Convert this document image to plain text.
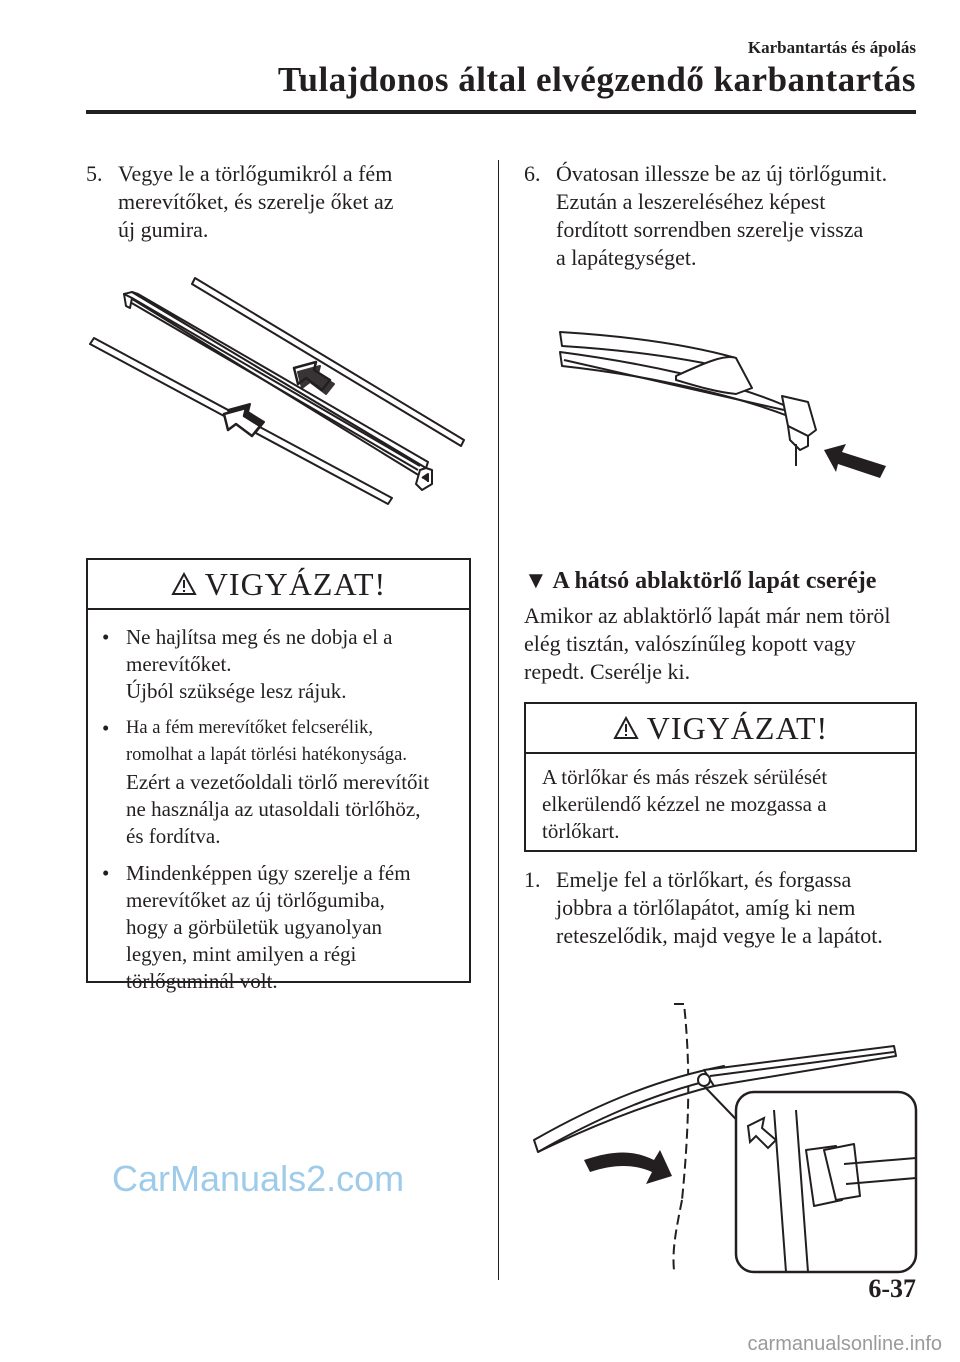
Karbantartás és ápolás
Tulajdonos által elvégzendő karbantartás
5. Vegye le a törlőgumikról a fém
merevítőket, és szerelje őket az
új gumira.
VIGYÁZAT!
• Ne hajlítsa meg és ne dobja el a
merevítőket.
Újból szüksége lesz rájuk.
• Ha a fém merevítőket felcserélik,
romolhat a lapát törlési hatékonysága.
Ezért a vezetőoldali törlő merevítőit
ne használja az utasoldali törlőhöz,
és fordítva.
• Mindenképpen úgy szerelje a fém
merevítőket az új törlőgumiba,
hogy a görbületük ugyanolyan
legyen, mint amilyen a régi
törlőguminál volt.
6. Óvatosan illessze be az új törlőgumit.
Ezután a leszereléséhez képest
fordított sorrendben szerelje vissza
a lapátegységet.
▼ A hátsó ablaktörlő lapát cseréje
Amikor az ablaktörlő lapát már nem töröl
elég tisztán, valószínűleg kopott vagy
repedt. Cserélje ki.
VIGYÁZAT!
A törlőkar és más részek sérülését
elkerülendő kézzel ne mozgassa a
törlőkart.
1. Emelje fel a törlőkart, és forgassa
jobbra a törlőlapátot, amíg ki nem
reteszelődik, majd vegye le a lapátot.
6-37
CarManuals2.com
carmanualsonline.info
